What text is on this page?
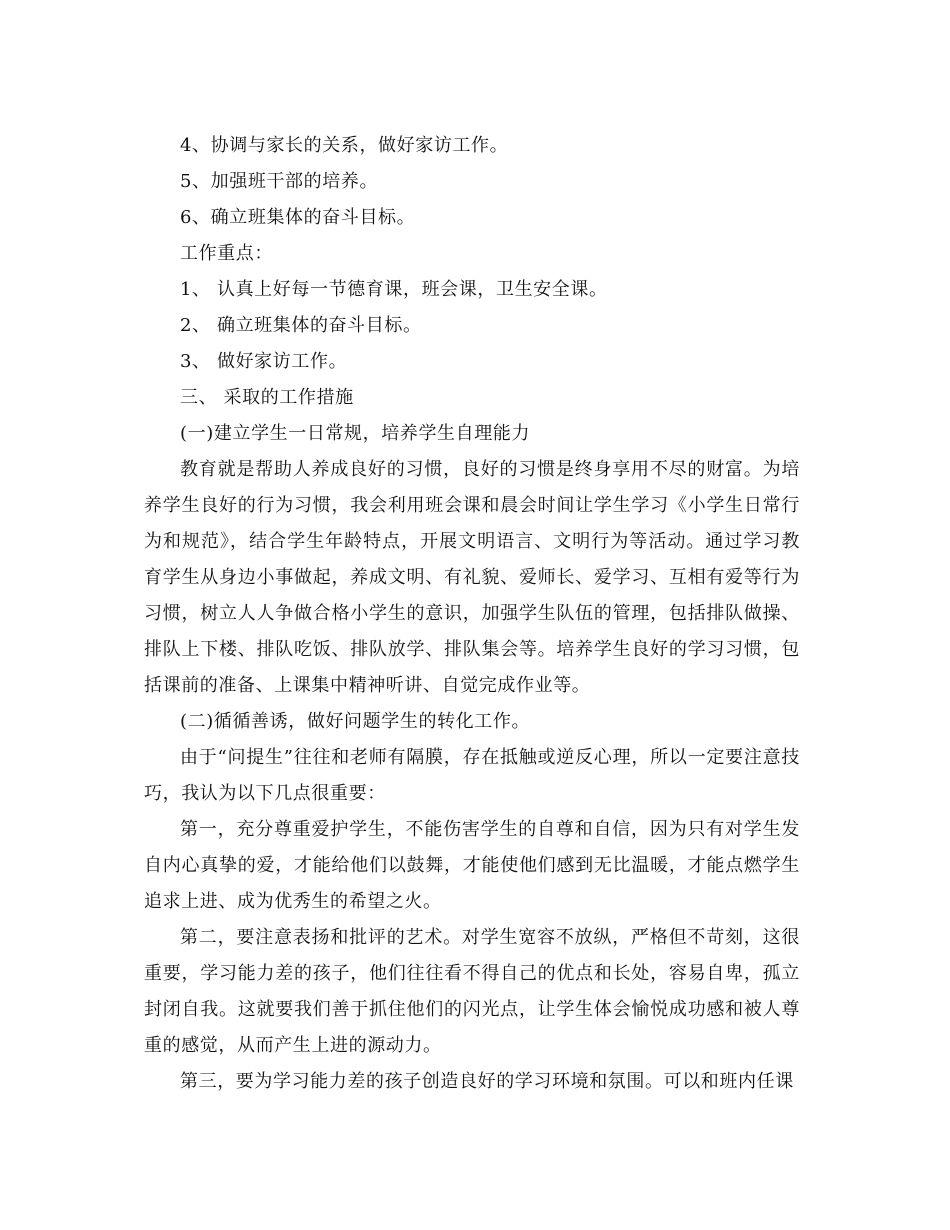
4、协调与家长的关系，做好家访工作。
5、加强班干部的培养。
6、确立班集体的奋斗目标。
工作重点：
1、 认真上好每一节德育课，班会课，卫生安全课。
2、 确立班集体的奋斗目标。
3、 做好家访工作。
三、 采取的工作措施
(一)建立学生一日常规，培养学生自理能力

教育就是帮助人养成良好的习惯，良好的习惯是终身享用不尽的财富。为培养学生良好的行为习惯，我会利用班会课和晨会时间让学生学习《小学生日常行为和规范》，结合学生年龄特点，开展文明语言、文明行为等活动。通过学习教育学生从身边小事做起，养成文明、有礼貌、爱师长、爱学习、互相有爱等行为习惯，树立人人争做合格小学生的意识，加强学生队伍的管理，包括排队做操、排队上下楼、排队吃饭、排队放学、排队集会等。培养学生良好的学习习惯，包括课前的准备、上课集中精神听讲、自觉完成作业等。

(二)循循善诱，做好问题学生的转化工作。

由于“问提生”往往和老师有隔膜，存在抵触或逆反心理，所以一定要注意技巧，我认为以下几点很重要：

第一，充分尊重爱护学生，不能伤害学生的自尊和自信，因为只有对学生发自内心真挚的爱，才能给他们以鼓舞，才能使他们感到无比温暖，才能点燃学生追求上进、成为优秀生的希望之火。

第二，要注意表扬和批评的艺术。对学生宽容不放纵，严格但不苛刻，这很重要，学习能力差的孩子，他们往往看不得自己的优点和长处，容易自卑，孤立封闭自我。这就要我们善于抓住他们的闪光点，让学生体会愉悦成功感和被人尊重的感觉，从而产生上进的源动力。

第三，要为学习能力差的孩子创造良好的学习环境和氛围。可以和班内任课
